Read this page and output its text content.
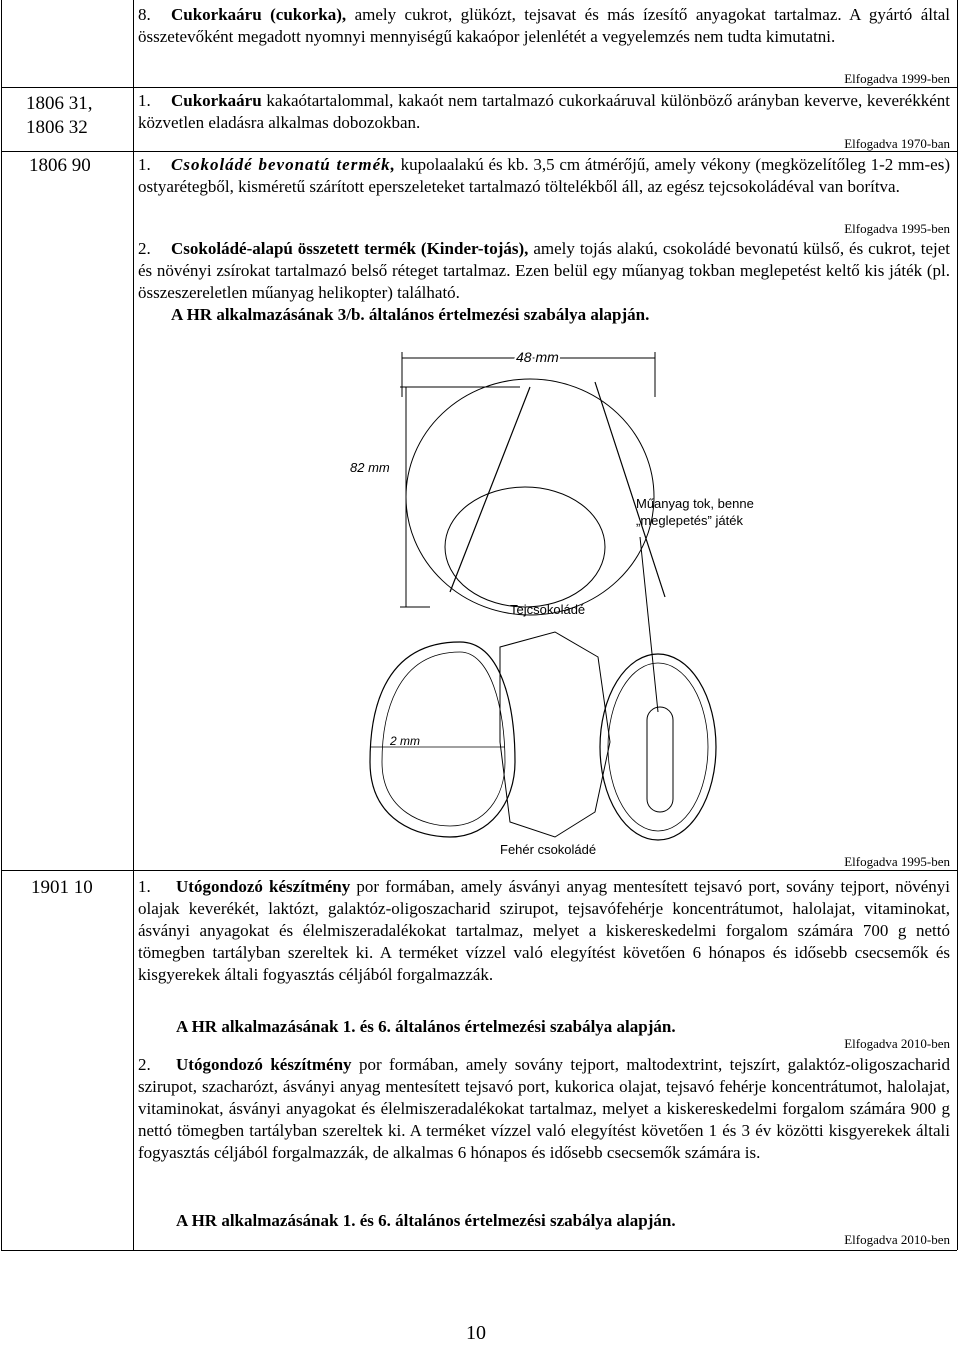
8. Cukorkaáru (cukorka), amely cukrot, glükózt, tejsavat és más ízesítő anyagokat tartalmaz. A gyártó által összetevőként megadott nyomnyi mennyiségű kakaópor jelenlétét a vegyelemzés nem tudta kimutatni.
Elfogadva 1999-ben
1806 31,
1806 32
1. Cukorkaáru kakaótartalommal, kakaót nem tartalmazó cukorkaáruval különböző arányban keverve, keverékként közvetlen eladásra alkalmas dobozokban.
Elfogadva 1970-ban
1806 90	1. Csokoládé bevonatú termék, kupolaalakú és kb. 3,5 cm átmérőjű, amely vékony (megközelítőleg 1-2 mm-es) ostyarétegből, kisméretű szárított eperszeleteket tartalmazó töltelékből áll, az egész tejcsokoládéval van borítva.
Elfogadva 1995-ben
2. Csokoládé-alapú összetett termék (Kinder-tojás), amely tojás alakú, csokoládé bevonatú külső, és cukrot, tejet és növényi zsírokat tartalmazó belső réteget tartalmaz. Ezen belül egy műanyag tokban meglepetést keltő kis játék (pl. összeszereletlen műanyag helikopter) található.
A HR alkalmazásának 3/b. általános értelmezési szabálya alapján.
48 mm
82 mm
Műanyag tok, benne
„meglepetés” játék
Tejcsokoládé
2 mm
Fehér csokoládé
Elfogadva 1995-ben
1901 10	1. Utógondozó készítmény por formában, amely ásványi anyag mentesített tejsavó port, sovány tejport, növényi olajak keverékét, laktózt, galaktóz-oligoszacharid szirupot, tejsavófehérje koncentrátumot, halolajat, vitaminokat, ásványi anyagokat és élelmiszeradalékokat tartalmaz, melyet a kiskereskedelmi forgalom számára 700 g nettó tömegben tartályban szereltek ki. A terméket vízzel való elegyítést követően 6 hónapos és idősebb csecsemők és kisgyerekek általi fogyasztás céljából forgalmazzák.
A HR alkalmazásának 1. és 6. általános értelmezési szabálya alapján.
Elfogadva 2010-ben
2. Utógondozó készítmény por formában, amely sovány tejport, maltodextrint, tejszírt, galaktóz-oligoszacharid szirupot, szacharózt, ásványi anyag mentesített tejsavó port, kukorica olajat, tejsavó fehérje koncentrátumot, halolajat, vitaminokat, ásványi anyagokat és élelmiszeradalékokat tartalmaz, melyet a kiskereskedelmi forgalom számára 900 g nettó tömegben tartályban szereltek ki. A terméket vízzel való elegyítést követően 1 és 3 év közötti kisgyerekek általi fogyasztás céljából forgalmazzák, de alkalmas 6 hónapos és idősebb csecsemők számára is.
A HR alkalmazásának 1. és 6. általános értelmezési szabálya alapján.
Elfogadva 2010-ben
10
